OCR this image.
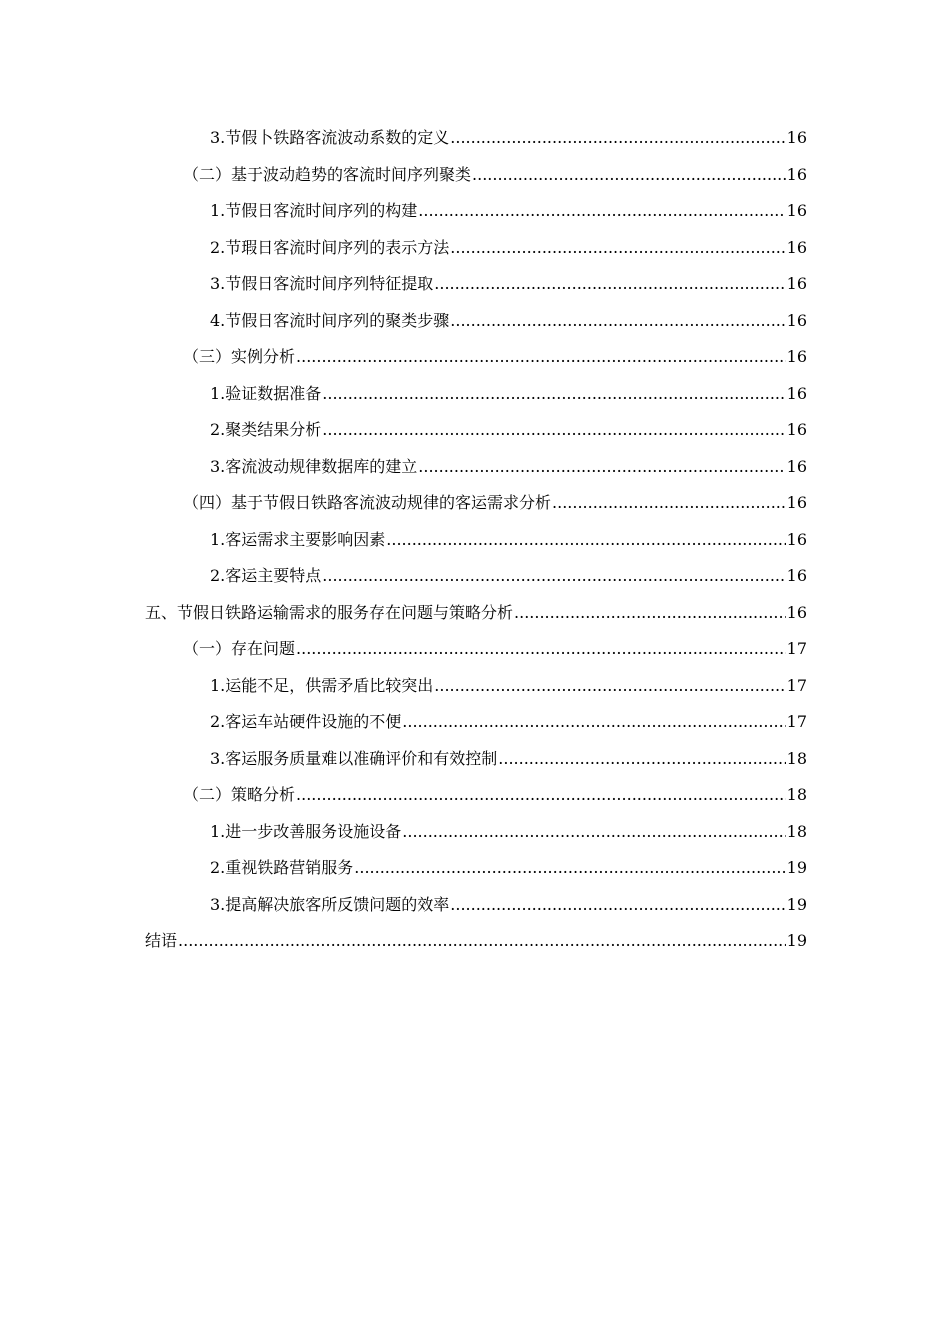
3.节假卜铁路客流波动系数的定义 .....	16
（二）基于波动趋势的客流时间序列聚类 .....	16
1.节假日客流时间序列的构建 .....	16
2.节瑕日客流时间序列的表示方法 .....	16
3.节假日客流时间序列特征提取 .....	16
4.节假日客流时间序列的聚类步骤 .....	16
（三）实例分析 .....	16
1.验证数据准备 .....	16
2.聚类结果分析 .....	16
3.客流波动规律数据库的建立 .....	16
（四）基于节假日铁路客流波动规律的客运需求分析 .....	16
1.客运需求主要影响因素 .....	16
2.客运主要特点 .....	16
五、节假日铁路运输需求的服务存在问题与策略分析 .....	16
（一）存在问题 .....	17
1.运能不足，供需矛盾比较突出 .....	17
2.客运车站硬件设施的不便 .....	17
3.客运服务质量难以准确评价和有效控制 .....	18
（二）策略分析 .....	18
1.进一步改善服务设施设备 .....	18
2.重视铁路营销服务 .....	19
3.提高解决旅客所反馈问题的效率 .....	19
结语 .....	19
